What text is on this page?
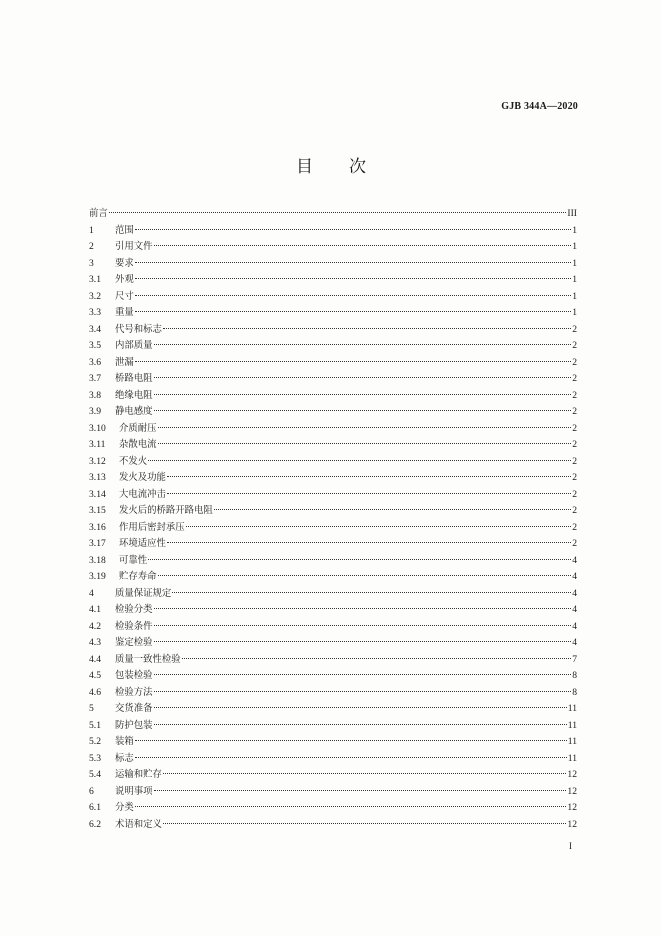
GJB 344A—2020
目次
前言	III
1	范围	1
2	引用文件	1
3	要求	1
3.1	外观	1
3.2	尺寸	1
3.3	重量	1
3.4	代号和标志	2
3.5	内部质量	2
3.6	泄漏	2
3.7	桥路电阻	2
3.8	绝缘电阻	2
3.9	静电感度	2
3.10	介质耐压	2
3.11	杂散电流	2
3.12	不发火	2
3.13	发火及功能	2
3.14	大电流冲击	2
3.15	发火后的桥路开路电阻	2
3.16	作用后密封承压	2
3.17	环境适应性	2
3.18	可靠性	4
3.19	贮存寿命	4
4	质量保证规定	4
4.1	检验分类	4
4.2	检验条件	4
4.3	鉴定检验	4
4.4	质量一致性检验	7
4.5	包装检验	8
4.6	检验方法	8
5	交货准备	11
5.1	防护包装	11
5.2	装箱	11
5.3	标志	11
5.4	运输和贮存	12
6	说明事项	12
6.1	分类	12
6.2	术语和定义	12
I
